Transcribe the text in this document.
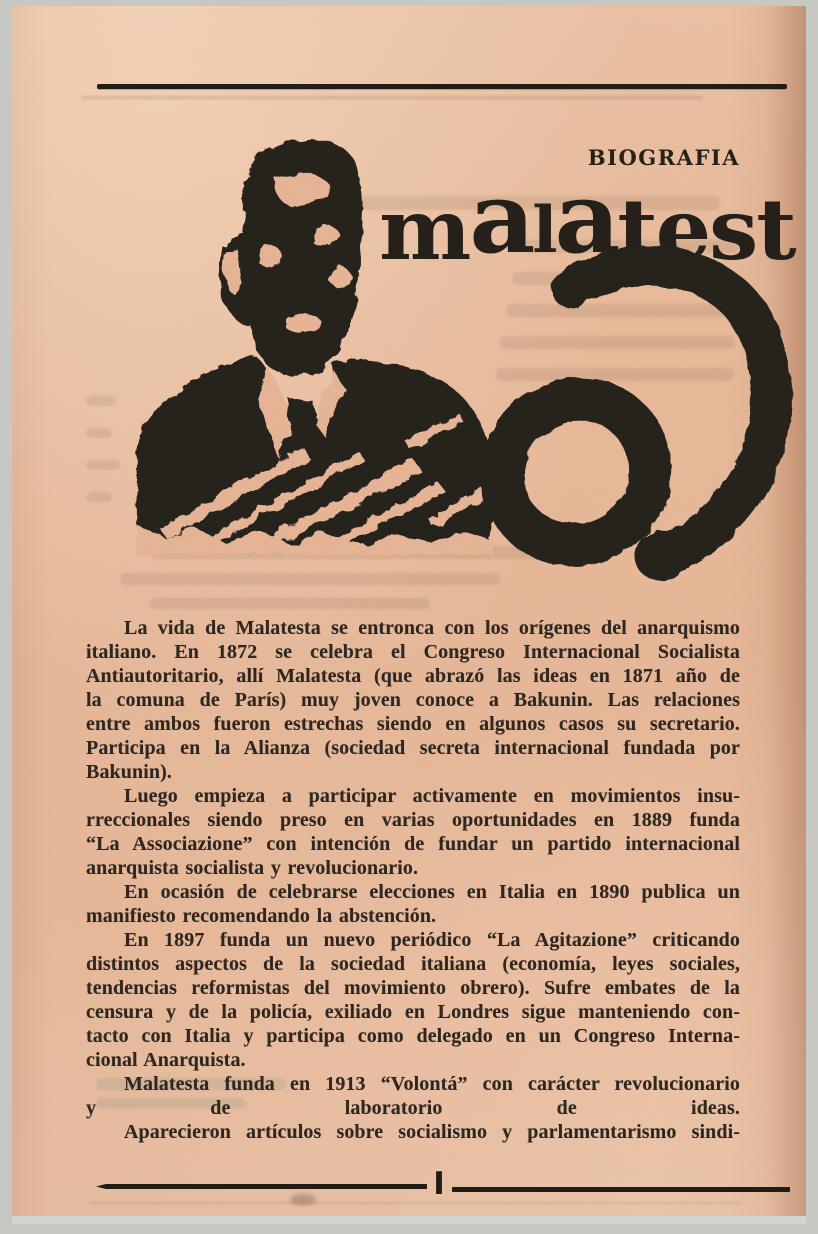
BIOGRAFIA
malatest
La vida de Malatesta se entronca con los orígenes del anarquismo
italiano. En 1872 se celebra el Congreso Internacional Socialista
Antiautoritario, allí Malatesta (que abrazó las ideas en 1871 año de
la comuna de París) muy joven conoce a Bakunin. Las relaciones
entre ambos fueron estrechas siendo en algunos casos su secretario.
Participa en la Alianza (sociedad secreta internacional fundada por
Bakunin).
Luego empieza a participar activamente en movimientos insu-
rreccionales siendo preso en varias oportunidades en 1889 funda
“La Associazione” con intención de fundar un partido internacional
anarquista socialista y revolucionario.
En ocasión de celebrarse elecciones en Italia en 1890 publica un
manifiesto recomendando la abstención.
En 1897 funda un nuevo periódico “La Agitazione” criticando
distintos aspectos de la sociedad italiana (economía, leyes sociales,
tendencias reformistas del movimiento obrero). Sufre embates de la
censura y de la policía, exiliado en Londres sigue manteniendo con-
tacto con Italia y participa como delegado en un Congreso Interna-
cional Anarquista.
Malatesta funda en 1913 “Volontá” con carácter revolucionario
y de laboratorio de ideas.
Aparecieron artículos sobre socialismo y parlamentarismo sindi-
I
